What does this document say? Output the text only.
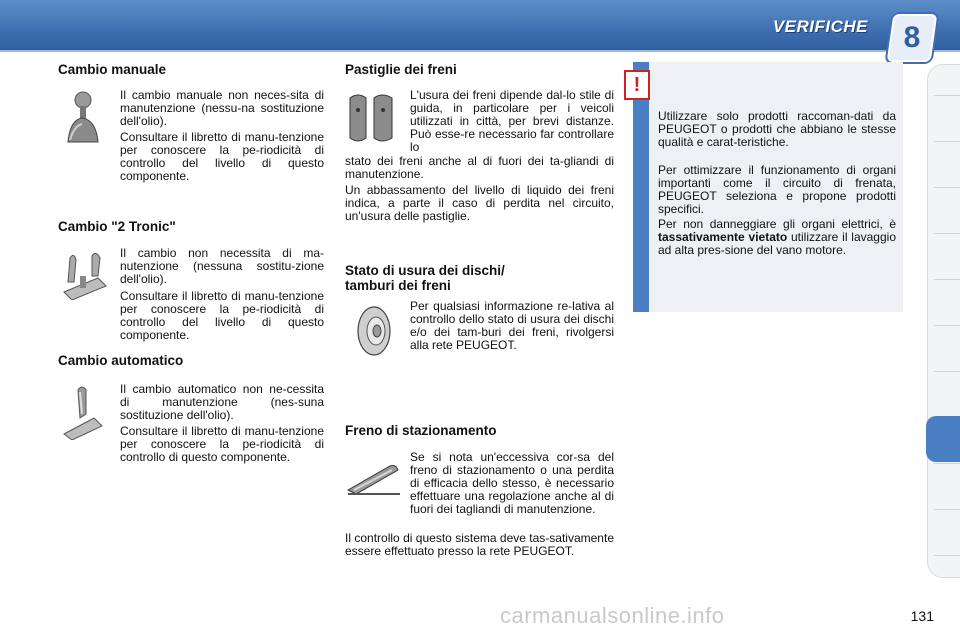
VERIFICHE	8
Cambio manuale

Il cambio manuale non neces-sita di manutenzione (nessu-na sostituzione dell'olio).

Consultare il libretto di manu-tenzione per conoscere la pe-riodicità di controllo del livello di questo componente.

Cambio "2 Tronic"

Il cambio non necessita di ma-nutenzione (nessuna sostitu-zione dell'olio).

Consultare il libretto di manu-tenzione per conoscere la pe-riodicità di controllo del livello di questo componente.

Cambio automatico

Il cambio automatico non ne-cessita di manutenzione (nes-suna sostituzione dell'olio).

Consultare il libretto di manu-tenzione per conoscere la pe-riodicità di controllo di questo componente.

Pastiglie dei freni

L'usura dei freni dipende dal-lo stile di guida, in particolare per i veicoli utilizzati in città, per brevi distanze. Può esse-re necessario far controllare lo

stato dei freni anche al di fuori dei ta-gliandi di manutenzione.

Un abbassamento del livello di liquido dei freni indica, a parte il caso di perdita nel circuito, un'usura delle pastiglie.

Stato di usura dei dischi/
tamburi dei freni

Per qualsiasi informazione re-lativa al controllo dello stato di usura dei dischi e/o dei tam-buri dei freni, rivolgersi alla rete PEUGEOT.

Freno di stazionamento

Se si nota un'eccessiva cor-sa del freno di stazionamento o una perdita di efficacia dello stesso, è necessario effettuare una regolazione anche al di fuori dei tagliandi di manutenzione.

Il controllo di questo sistema deve tas-sativamente essere effettuato presso la rete PEUGEOT.

!

Utilizzare solo prodotti raccoman-dati da PEUGEOT o prodotti che abbiano le stesse qualità e carat-teristiche.

Per ottimizzare il funzionamento di organi importanti come il circuito di frenata, PEUGEOT seleziona e propone prodotti specifici.

Per non danneggiare gli organi elettrici, è tassativamente vietato utilizzare il lavaggio ad alta pres-sione del vano motore.

carmanualsonline.info	131
